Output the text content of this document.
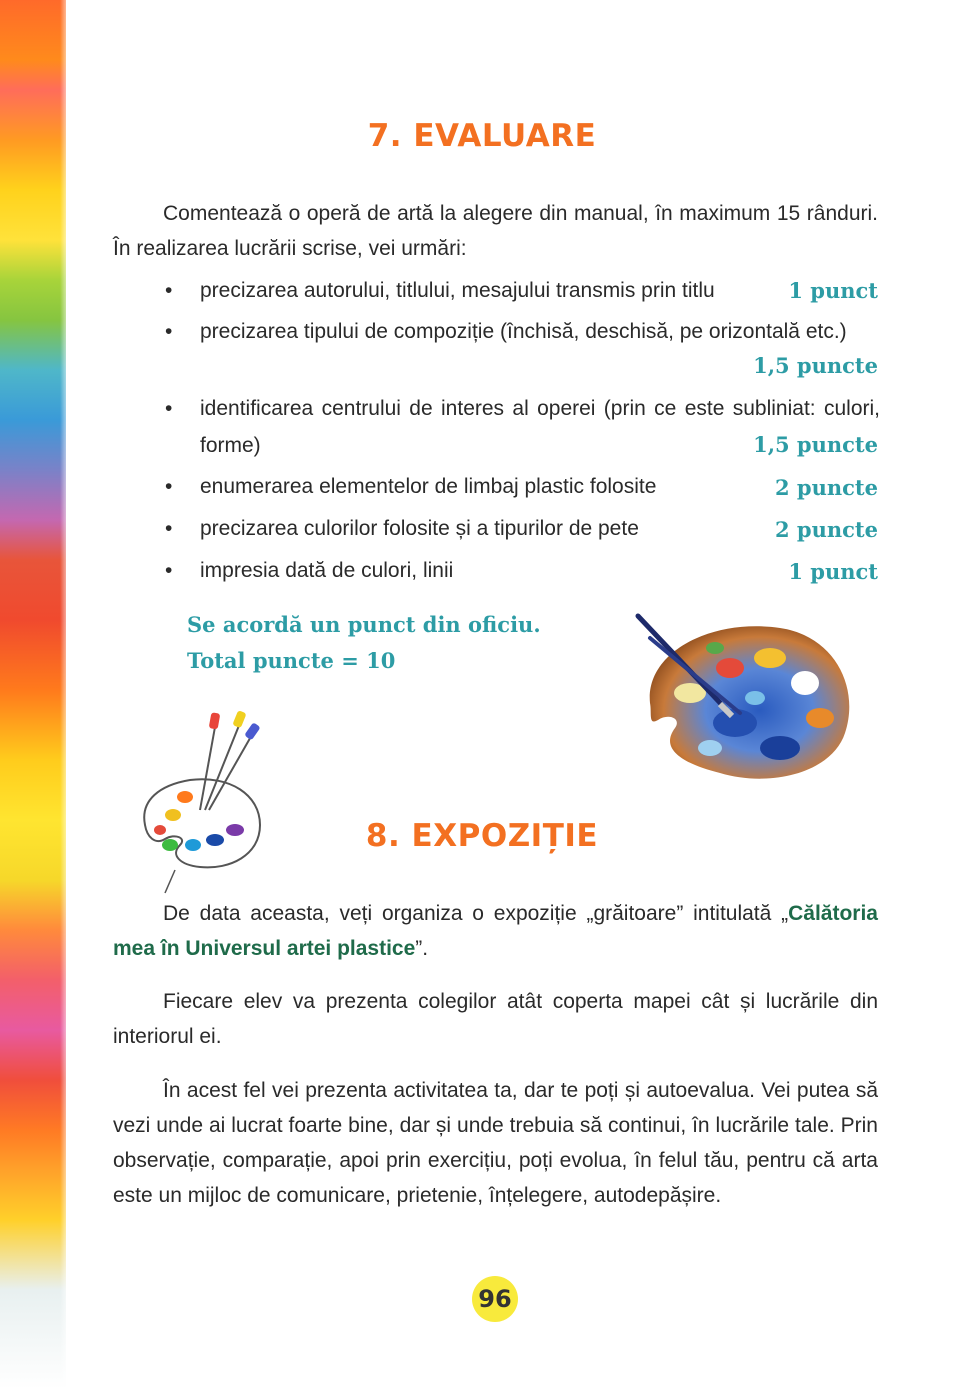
7. EVALUARE

Comentează o operă de artă la alegere din manual, în maximum 15 rânduri. În realizarea lucrării scrise, vei urmări:

• precizarea autorului, titlului, mesajului transmis prin titlu	1 punct
• precizarea tipului de compoziție (închisă, deschisă, pe orizontală etc.)
1,5 puncte
• identificarea centrului de interes al operei (prin ce este subliniat: culori, forme)	1,5 puncte
• enumerarea elementelor de limbaj plastic folosite	2 puncte
• precizarea culorilor folosite și a tipurilor de pete	2 puncte
• impresia dată de culori, linii	1 punct
Se acordă un punct din oficiu.
Total puncte = 10
8. EXPOZIȚIE

De data aceasta, veți organiza o expoziție „grăitoare” intitulată „Călătoria mea în Universul artei plastice”.

Fiecare elev va prezenta colegilor atât coperta mapei cât și lucrările din interiorul ei.

În acest fel vei prezenta activitatea ta, dar te poți și autoevalua. Vei putea să vezi unde ai lucrat foarte bine, dar și unde trebuia să continui, în lucrările tale. Prin observație, comparație, apoi prin exercițiu, poți evolua, în felul tău, pentru că arta este un mijloc de comunicare, prietenie, înțelegere, autodepășire.

96
